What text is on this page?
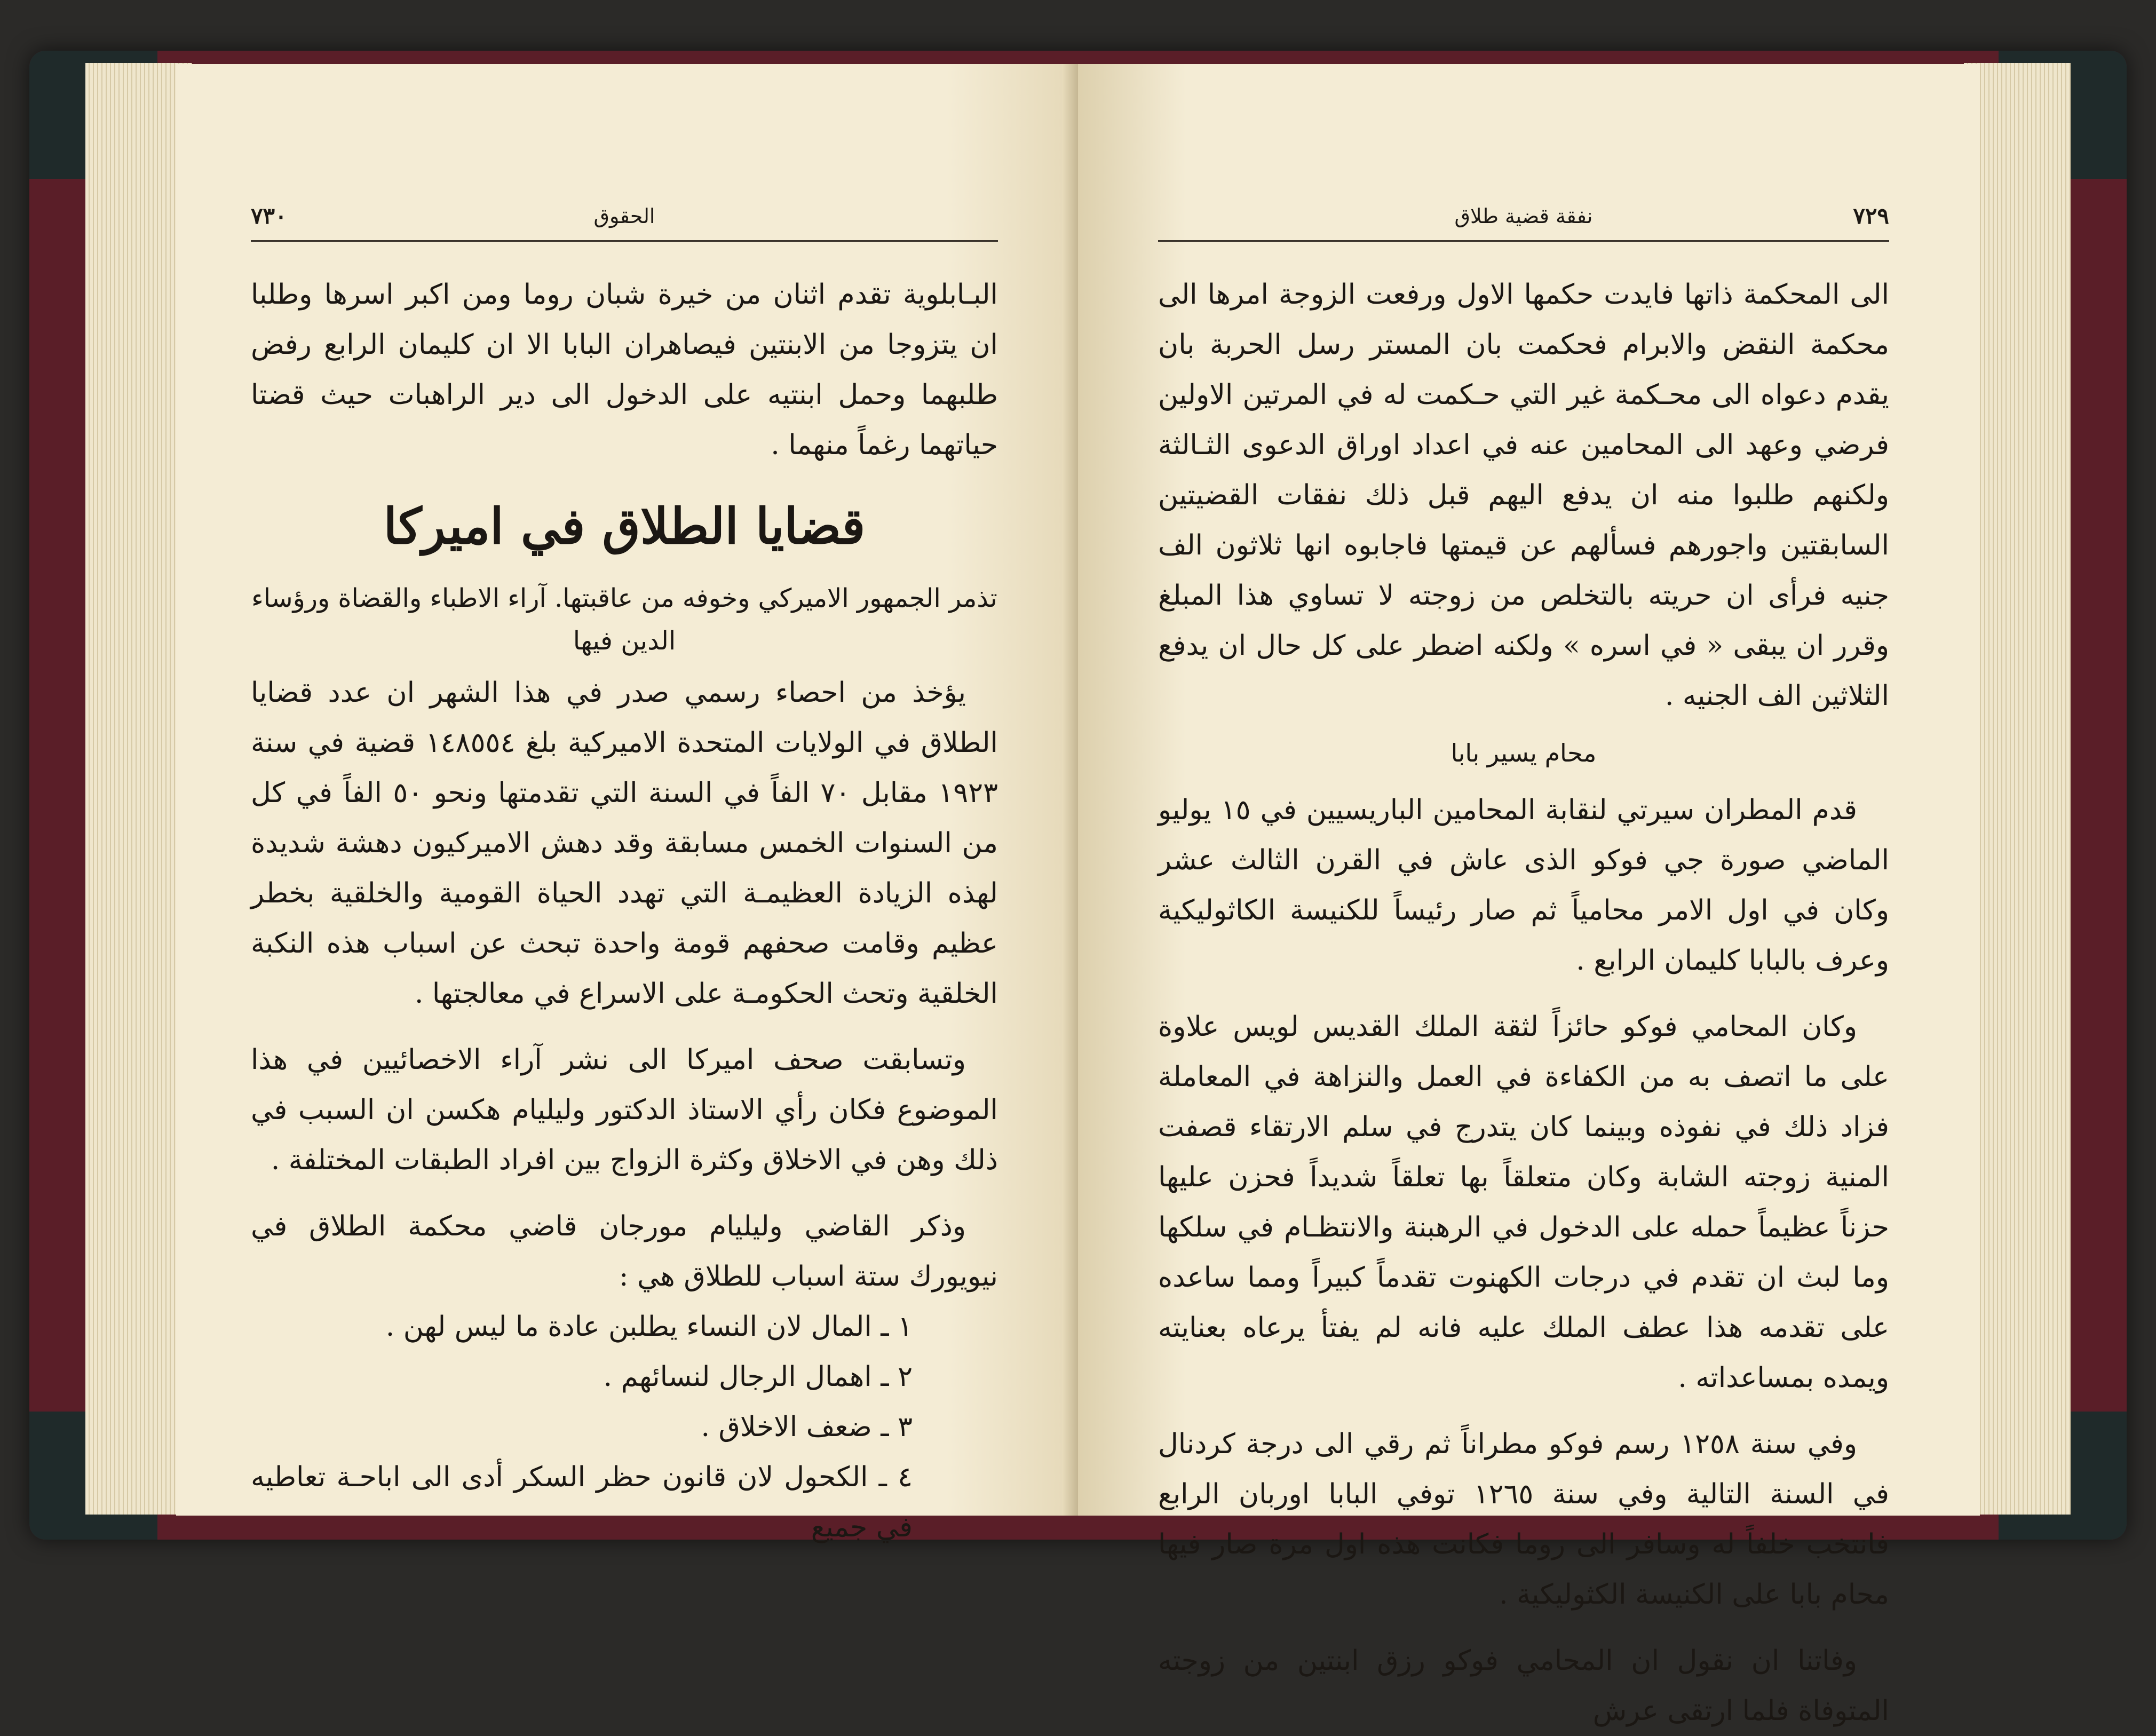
٧٣٠	الحقوق

البـابلوية تقدم اثنان من خيرة شبان روما ومن اكبر اسرها وطلبا ان يتزوجا من الابنتين فيصاهران البابا الا ان كليمان الرابع رفض طلبهما وحمل ابنتيه على الدخول الى دير الراهبات حيث قضتا حياتهما رغماً منهما .

قضايا الطلاق في اميركا
تذمر الجمهور الاميركي وخوفه من عاقبتها. آراء الاطباء والقضاة ورؤساء الدين فيها

يؤخذ من احصاء رسمي صدر في هذا الشهر ان عدد قضايا الطلاق في الولايات المتحدة الاميركية بلغ ١٤٨٥٥٤ قضية في سنة ١٩٢٣ مقابل ٧٠ الفاً في السنة التي تقدمتها ونحو ٥٠ الفاً في كل من السنوات الخمس مسابقة وقد دهش الاميركيون دهشة شديدة لهذه الزيادة العظيمـة التي تهدد الحياة القومية والخلقية بخطر عظيم وقامت صحفهم قومة واحدة تبحث عن اسباب هذه النكبة الخلقية وتحث الحكومـة على الاسراع في معالجتها .

وتسابقت صحف اميركا الى نشر آراء الاخصائيين في هذا الموضوع فكان رأي الاستاذ الدكتور وليليام هكسن ان السبب في ذلك وهن في الاخلاق وكثرة الزواج بين افراد الطبقات المختلفة .

وذكر القاضي وليليام مورجان قاضي محكمة الطلاق في نيويورك ستة اسباب للطلاق هي :

١ ـ المال لان النساء يطلبن عادة ما ليس لهن .

٢ ـ اهمال الرجال لنسائهم .

٣ ـ ضعف الاخلاق .

٤ ـ الكحول لان قانون حظر السكر أدى الى اباحـة تعاطيه في جميع

٧٢٩
نفقة قضية طلاق

الى المحكمة ذاتها فايدت حكمها الاول ورفعت الزوجة امرها الى محكمة النقض والابرام فحكمت بان المستر رسل الحربة بان يقدم دعواه الى محـكمة غير التي حـكمت له في المرتين الاولين فرضي وعهد الى المحامين عنه في اعداد اوراق الدعوى الثـالثة ولكنهم طلبوا منه ان يدفع اليهم قبل ذلك نفقات القضيتين السابقتين واجورهم فسألهم عن قيمتها فاجابوه انها ثلاثون الف جنيه فرأى ان حريته بالتخلص من زوجته لا تساوي هذا المبلغ وقرر ان يبقى « في اسره » ولكنه اضطر على كل حال ان يدفع الثلاثين الف الجنيه .

محام يسير بابا

قدم المطران سيرتي لنقابة المحامين الباريسيين في ١٥ يوليو الماضي صورة جي فوكو الذى عاش في القرن الثالث عشر وكان في اول الامر محامياً ثم صار رئيساً للكنيسة الكاثوليكية وعرف بالبابا كليمان الرابع .

وكان المحامي فوكو حائزاً لثقة الملك القديس لويس علاوة على ما اتصف به من الكفاءة في العمل والنزاهة في المعاملة فزاد ذلك في نفوذه وبينما كان يتدرج في سلم الارتقاء قصفت المنية زوجته الشابة وكان متعلقاً بها تعلقاً شديداً فحزن عليها حزناً عظيماً حمله على الدخول في الرهبنة والانتظـام في سلكها وما لبث ان تقدم في درجات الكهنوت تقدماً كبيراً ومما ساعده على تقدمه هذا عطف الملك عليه فانه لم يفتأ يرعاه بعنايته ويمده بمساعداته .

وفي سنة ١٢٥٨ رسم فوكو مطراناً ثم رقي الى درجة كردنال في السنة التالية وفي سنة ١٢٦٥ توفي البابا اوربان الرابع فانتخب خلفاً له وسافر الى روما فكانت هذه اول مرة صار فيها محام بابا على الكنيسة الكثوليكية .

وفاتنا ان نقول ان المحامي فوكو رزق ابنتين من زوجته المتوفاة فلما ارتقى عرش
